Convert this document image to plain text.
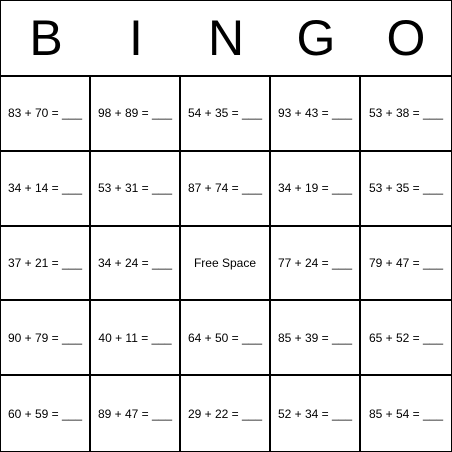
B	I	N	G	O
83 + 70 = ___	98 + 89 = ___	54 + 35 = ___	93 + 43 = ___	53 + 38 = ___
34 + 14 = ___	53 + 31 = ___	87 + 74 = ___	34 + 19 = ___	53 + 35 = ___
37 + 21 = ___	34 + 24 = ___	Free Space	77 + 24 = ___	79 + 47 = ___
90 + 79 = ___	40 + 11 = ___	64 + 50 = ___	85 + 39 = ___	65 + 52 = ___
60 + 59 = ___	89 + 47 = ___	29 + 22 = ___	52 + 34 = ___	85 + 54 = ___
